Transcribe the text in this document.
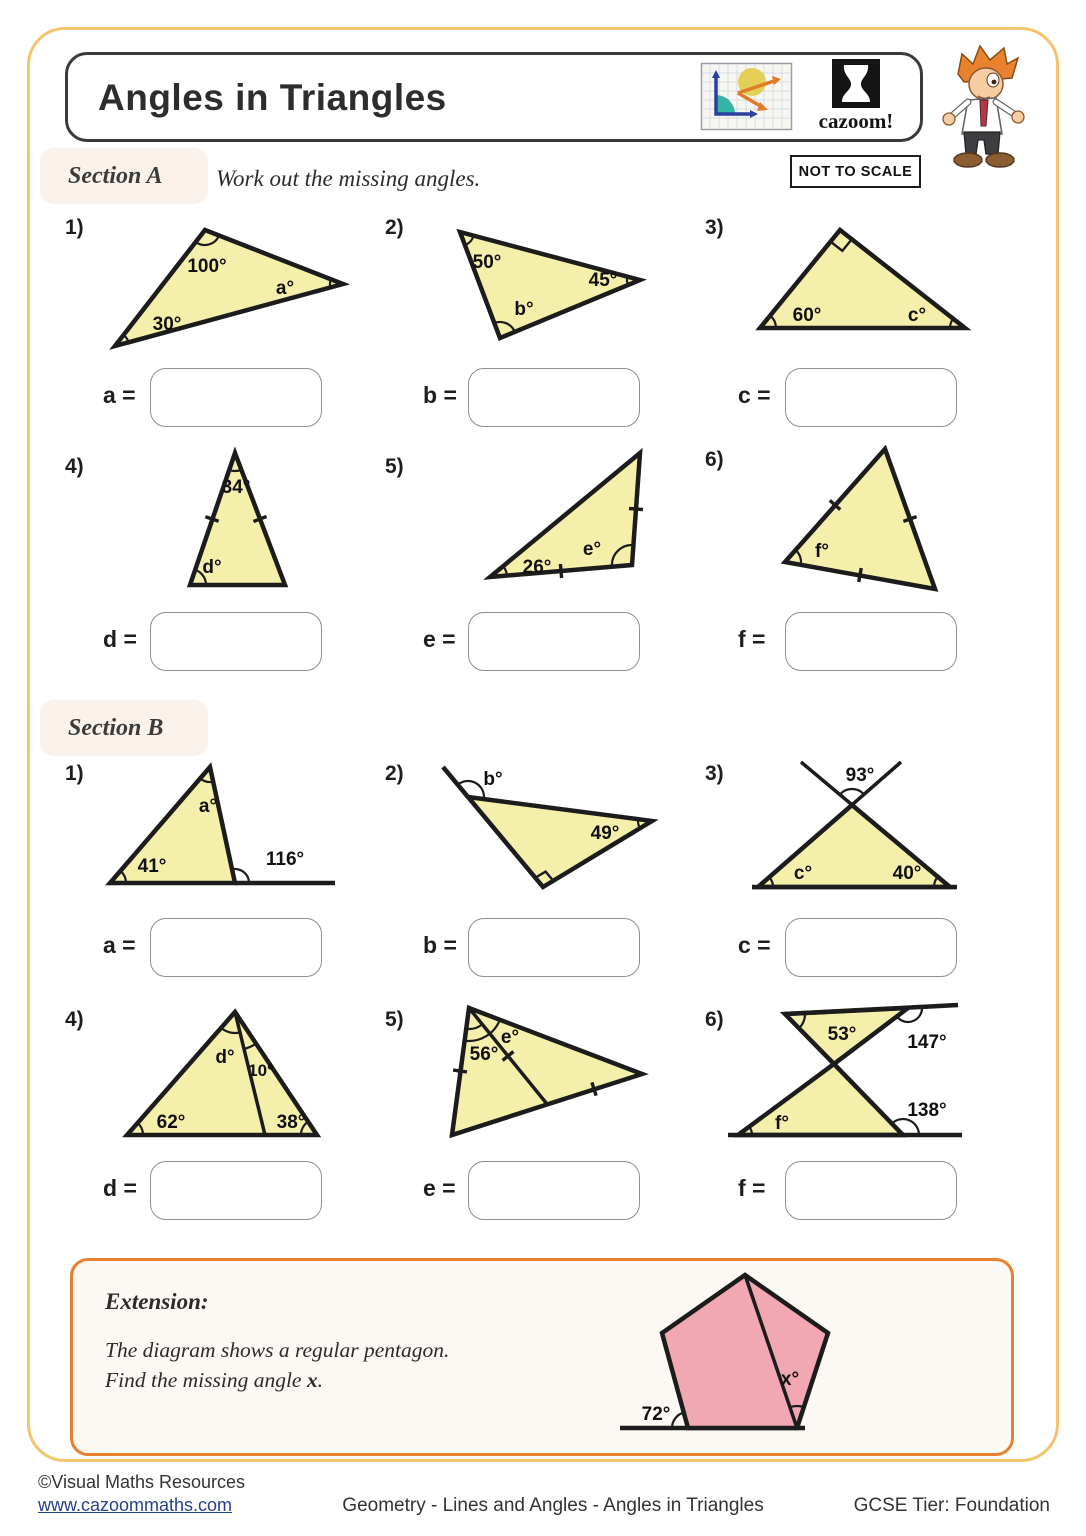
Angles in Triangles
cazoom!
Section A Work out the missing angles.	NOT TO SCALE
1)	2)	3)
100°
a°
30°
50°
45°
b°	60°	c°
a =	b =	c =
4)	5)	6)
34°
d°	26°
e°	f°
d =	e =	f =
Section B
1)	2)	3)
a°
41°	116°
b°
49°
93°
c°	40°
a =	b =	c =
4)	5)	6)
d°
10°
62°	38°
56°
e°	53°	147°
138°
f°
d =	e =	f =
Extension:
The diagram shows a regular pentagon.
Find the missing angle x.	x°
72°
©Visual Maths Resources
www.cazoommaths.com	Geometry - Lines and Angles - Angles in Triangles	GCSE Tier: Foundation
